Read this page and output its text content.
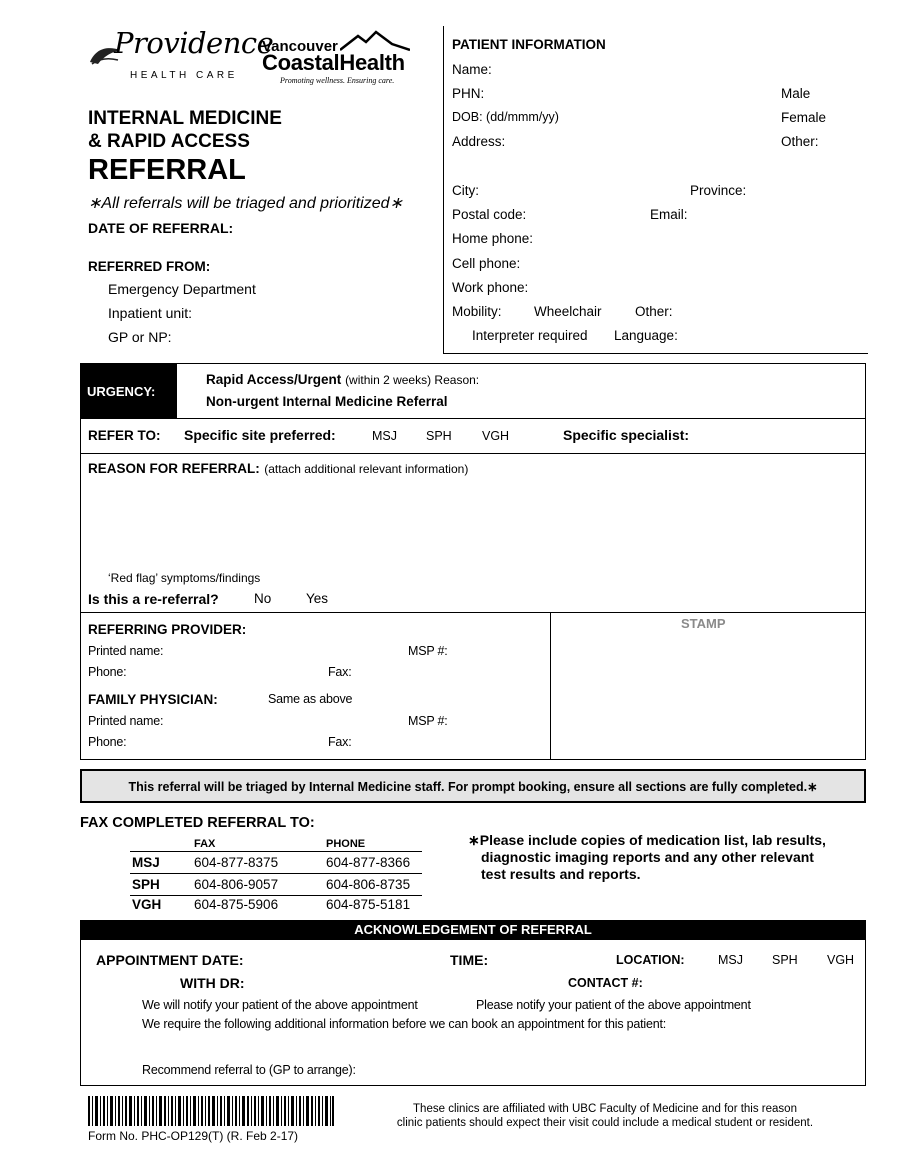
Providence
HEALTH CARE
Vancouver
CoastalHealth
Promoting wellness. Ensuring care.
INTERNAL MEDICINE
& RAPID ACCESS
REFERRAL
∗All referrals will be triaged and prioritized∗
DATE OF REFERRAL:
REFERRED FROM:
Emergency Department
Inpatient unit:
GP or NP:
PATIENT INFORMATION
Name:
PHN:
DOB: (dd/mmm/yy)
Address:
Male
Female
Other:
City:	Province:
Postal code:	Email:
Home phone:
Cell phone:
Work phone:
Mobility: Wheelchair Other:
Interpreter required Language:
URGENCY:
Rapid Access/Urgent (within 2 weeks) Reason:
Non-urgent Internal Medicine Referral
REFER TO: Specific site preferred:	MSJ SPH VGH	Specific specialist:
REASON FOR REFERRAL: (attach additional relevant information)
‘Red flag’ symptoms/findings
Is this a re-referral?	No	Yes
STAMP
REFERRING PROVIDER:
Printed name:	MSP #:
Phone:	Fax:
FAMILY PHYSICIAN:	Same as above
Printed name:	MSP #:
Phone:	Fax:
This referral will be triaged by Internal Medicine staff. For prompt booking, ensure all sections are fully completed.∗
FAX COMPLETED REFERRAL TO:
FAX	PHONE
MSJ	604-877-8375	604-877-8366
SPH	604-806-9057	604-806-8735
VGH 604-875-5906	604-875-5181
∗Please include copies of medication list, lab results,
diagnostic imaging reports and any other relevant
test results and reports.
ACKNOWLEDGEMENT OF REFERRAL
APPOINTMENT DATE:	TIME:	LOCATION:	MSJ SPH VGH
WITH DR:	CONTACT #:
We will notify your patient of the above appointment	Please notify your patient of the above appointment
We require the following additional information before we can book an appointment for this patient:
Recommend referral to (GP to arrange):
Form No. PHC-OP129(T) (R. Feb 2-17)
These clinics are affiliated with UBC Faculty of Medicine and for this reason
clinic patients should expect their visit could include a medical student or resident.
